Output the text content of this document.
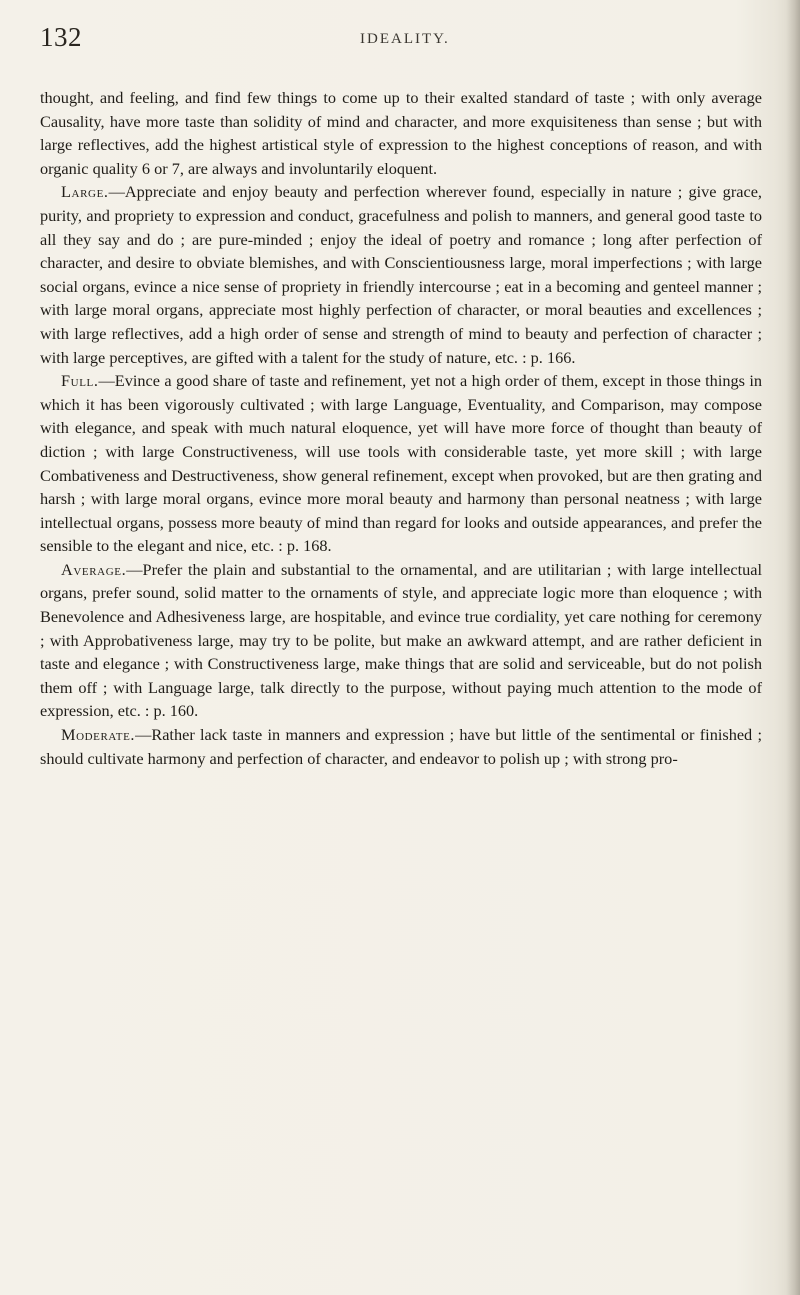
132	IDEALITY.

thought, and feeling, and find few things to come up to their exalted standard of taste ; with only average Causality, have more taste than solidity of mind and character, and more exquisiteness than sense ; but with large reflectives, add the highest artistical style of expression to the highest conceptions of reason, and with organic quality 6 or 7, are always and involuntarily eloquent.

Large.—Appreciate and enjoy beauty and perfection wherever found, especially in nature ; give grace, purity, and propriety to expression and conduct, gracefulness and polish to manners, and general good taste to all they say and do ; are pure-minded ; enjoy the ideal of poetry and romance ; long after perfection of character, and desire to obviate blemishes, and with Conscientiousness large, moral imperfections ; with large social organs, evince a nice sense of propriety in friendly intercourse ; eat in a becoming and genteel manner ; with large moral organs, appreciate most highly perfection of character, or moral beauties and excellences ; with large reflectives, add a high order of sense and strength of mind to beauty and perfection of character ; with large perceptives, are gifted with a talent for the study of nature, etc. : p. 166.

Full.—Evince a good share of taste and refinement, yet not a high order of them, except in those things in which it has been vigorously cultivated ; with large Language, Eventuality, and Comparison, may compose with elegance, and speak with much natural eloquence, yet will have more force of thought than beauty of diction ; with large Constructiveness, will use tools with considerable taste, yet more skill ; with large Combativeness and Destructiveness, show general refinement, except when provoked, but are then grating and harsh ; with large moral organs, evince more moral beauty and harmony than personal neatness ; with large intellectual organs, possess more beauty of mind than regard for looks and outside appearances, and prefer the sensible to the elegant and nice, etc. : p. 168.

Average.—Prefer the plain and substantial to the ornamental, and are utilitarian ; with large intellectual organs, prefer sound, solid matter to the ornaments of style, and appreciate logic more than eloquence ; with Benevolence and Adhesiveness large, are hospitable, and evince true cordiality, yet care nothing for ceremony ; with Approbativeness large, may try to be polite, but make an awkward attempt, and are rather deficient in taste and elegance ; with Constructiveness large, make things that are solid and serviceable, but do not polish them off ; with Language large, talk directly to the purpose, without paying much attention to the mode of expression, etc. : p. 160.

Moderate.—Rather lack taste in manners and expression ; have but little of the sentimental or finished ; should cultivate harmony and perfection of character, and endeavor to polish up ; with strong pro-
